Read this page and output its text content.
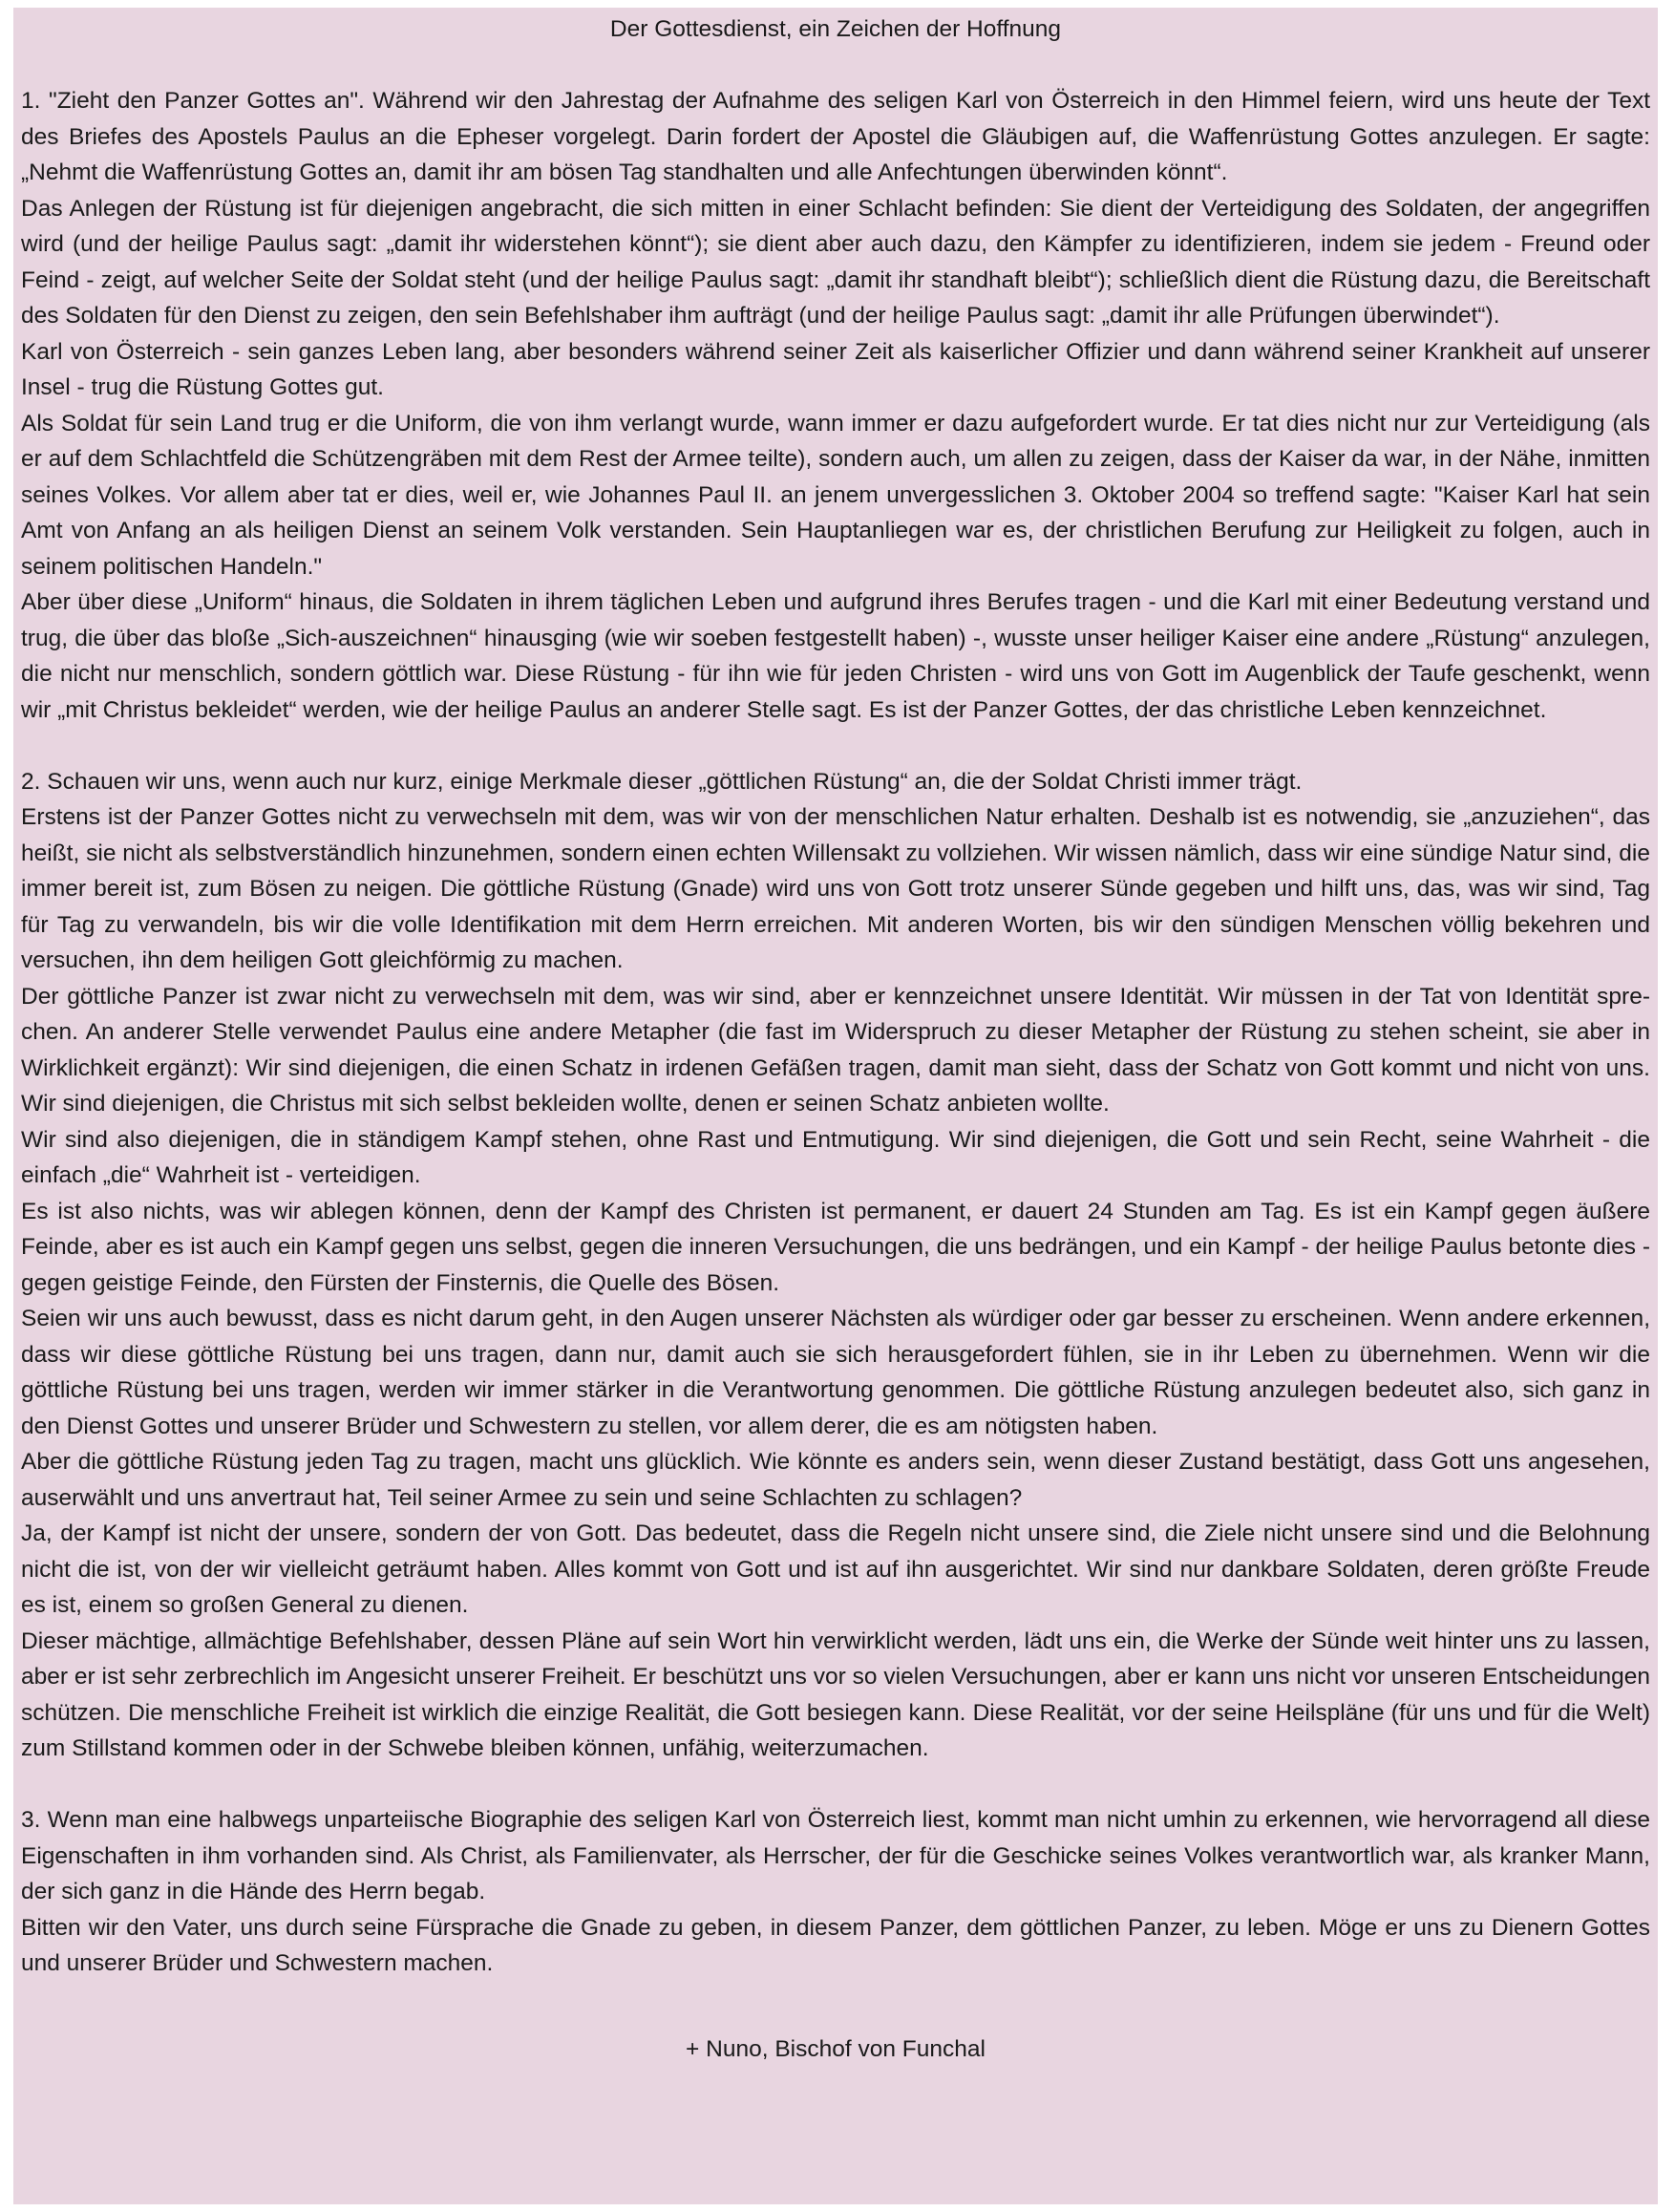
Der Gottesdienst, ein Zeichen der Hoffnung

1. "Zieht den Panzer Gottes an". Während wir den Jahrestag der Aufnahme des seligen Karl von Österreich in den Himmel feiern, wird uns heute der Text des Briefes des Apostels Paulus an die Epheser vorgelegt. Darin fordert der Apostel die Gläubigen auf, die Waffenrüstung Gottes anzulegen. Er sagte: „Nehmt die Waffenrüstung Gottes an, damit ihr am bösen Tag standhalten und alle Anfechtungen überwinden könnt“.

Das Anlegen der Rüstung ist für diejenigen angebracht, die sich mitten in einer Schlacht befinden: Sie dient der Verteidigung des Soldaten, der angegriffen wird (und der heilige Paulus sagt: „damit ihr widerstehen könnt“); sie dient aber auch dazu, den Kämpfer zu identifizieren, indem sie jedem - Freund oder Feind - zeigt, auf welcher Seite der Soldat steht (und der heilige Paulus sagt: „damit ihr standhaft bleibt“); schließlich dient die Rüstung dazu, die Bereitschaft des Soldaten für den Dienst zu zeigen, den sein Befehlshaber ihm aufträgt (und der heilige Paulus sagt: „damit ihr alle Prüfungen überwindet“).

Karl von Österreich - sein ganzes Leben lang, aber besonders während seiner Zeit als kaiserlicher Offizier und dann während seiner Krankheit auf unserer Insel - trug die Rüstung Gottes gut.

Als Soldat für sein Land trug er die Uniform, die von ihm verlangt wurde, wann immer er dazu aufgefordert wurde. Er tat dies nicht nur zur Verteidigung (als er auf dem Schlachtfeld die Schützengräben mit dem Rest der Armee teilte), sondern auch, um allen zu zeigen, dass der Kaiser da war, in der Nähe, inmitten seines Volkes. Vor allem aber tat er dies, weil er, wie Johannes Paul II. an jenem unvergesslichen 3. Oktober 2004 so treffend sagte: "Kaiser Karl hat sein Amt von Anfang an als heiligen Dienst an seinem Volk verstanden. Sein Hauptanliegen war es, der christlichen Berufung zur Heiligkeit zu folgen, auch in seinem politischen Handeln."

Aber über diese „Uniform“ hinaus, die Soldaten in ihrem täglichen Leben und aufgrund ihres Berufes tragen - und die Karl mit einer Bedeutung verstand und trug, die über das bloße „Sich-auszeichnen“ hinausging (wie wir soeben festgestellt haben) -, wusste unser heiliger Kaiser eine andere „Rüstung“ anzulegen, die nicht nur menschlich, sondern göttlich war. Diese Rüstung - für ihn wie für jeden Christen - wird uns von Gott im Augenblick der Taufe geschenkt, wenn wir „mit Christus bekleidet“ werden, wie der heilige Paulus an anderer Stelle sagt. Es ist der Panzer Gottes, der das christliche Leben kennzeichnet.

2. Schauen wir uns, wenn auch nur kurz, einige Merkmale dieser „göttlichen Rüstung“ an, die der Soldat Christi immer trägt.

Erstens ist der Panzer Gottes nicht zu verwechseln mit dem, was wir von der menschlichen Natur erhalten. Deshalb ist es notwendig, sie „anzuziehen“, das heißt, sie nicht als selbstverständlich hinzunehmen, sondern einen echten Willensakt zu vollziehen. Wir wissen nämlich, dass wir eine sündige Natur sind, die immer bereit ist, zum Bösen zu neigen. Die göttliche Rüstung (Gnade) wird uns von Gott trotz unserer Sünde gegeben und hilft uns, das, was wir sind, Tag für Tag zu verwandeln, bis wir die volle Identifikation mit dem Herrn erreichen. Mit anderen Worten, bis wir den sündigen Menschen völlig bekehren und versuchen, ihn dem heiligen Gott gleichförmig zu machen.

Der göttliche Panzer ist zwar nicht zu verwechseln mit dem, was wir sind, aber er kennzeichnet unsere Identität. Wir müssen in der Tat von Identität sprechen. An anderer Stelle verwendet Paulus eine andere Metapher (die fast im Widerspruch zu dieser Metapher der Rüstung zu stehen scheint, sie aber in Wirklichkeit ergänzt): Wir sind diejenigen, die einen Schatz in irdenen Gefäßen tragen, damit man sieht, dass der Schatz von Gott kommt und nicht von uns. Wir sind diejenigen, die Christus mit sich selbst bekleiden wollte, denen er seinen Schatz anbieten wollte.

Wir sind also diejenigen, die in ständigem Kampf stehen, ohne Rast und Entmutigung. Wir sind diejenigen, die Gott und sein Recht, seine Wahrheit - die einfach „die“ Wahrheit ist - verteidigen.

Es ist also nichts, was wir ablegen können, denn der Kampf des Christen ist permanent, er dauert 24 Stunden am Tag. Es ist ein Kampf gegen äußere Feinde, aber es ist auch ein Kampf gegen uns selbst, gegen die inneren Versuchungen, die uns bedrängen, und ein Kampf - der heilige Paulus betonte dies - gegen geistige Feinde, den Fürsten der Finsternis, die Quelle des Bösen.

Seien wir uns auch bewusst, dass es nicht darum geht, in den Augen unserer Nächsten als würdiger oder gar besser zu erscheinen. Wenn andere erkennen, dass wir diese göttliche Rüstung bei uns tragen, dann nur, damit auch sie sich herausgefordert fühlen, sie in ihr Leben zu übernehmen. Wenn wir die göttliche Rüstung bei uns tragen, werden wir immer stärker in die Verantwortung genommen. Die göttliche Rüstung anzulegen bedeutet also, sich ganz in den Dienst Gottes und unserer Brüder und Schwestern zu stellen, vor allem derer, die es am nötigsten haben.

Aber die göttliche Rüstung jeden Tag zu tragen, macht uns glücklich. Wie könnte es anders sein, wenn dieser Zustand bestätigt, dass Gott uns angesehen, auserwählt und uns anvertraut hat, Teil seiner Armee zu sein und seine Schlachten zu schlagen?

Ja, der Kampf ist nicht der unsere, sondern der von Gott. Das bedeutet, dass die Regeln nicht unsere sind, die Ziele nicht unsere sind und die Belohnung nicht die ist, von der wir vielleicht geträumt haben. Alles kommt von Gott und ist auf ihn ausgerichtet. Wir sind nur dankbare Soldaten, deren größte Freude es ist, einem so großen General zu dienen.

Dieser mächtige, allmächtige Befehlshaber, dessen Pläne auf sein Wort hin verwirklicht werden, lädt uns ein, die Werke der Sünde weit hinter uns zu lassen, aber er ist sehr zerbrechlich im Angesicht unserer Freiheit. Er beschützt uns vor so vielen Versuchungen, aber er kann uns nicht vor unseren Entscheidungen schützen. Die menschliche Freiheit ist wirklich die einzige Realität, die Gott besiegen kann. Diese Realität, vor der seine Heilspläne (für uns und für die Welt) zum Stillstand kommen oder in der Schwebe bleiben können, unfähig, weiterzumachen.

3. Wenn man eine halbwegs unparteiische Biographie des seligen Karl von Österreich liest, kommt man nicht umhin zu erkennen, wie hervorragend all diese Eigenschaften in ihm vorhanden sind. Als Christ, als Familienvater, als Herrscher, der für die Geschicke seines Volkes verantwortlich war, als kranker Mann, der sich ganz in die Hände des Herrn begab.

Bitten wir den Vater, uns durch seine Fürsprache die Gnade zu geben, in diesem Panzer, dem göttlichen Panzer, zu leben. Möge er uns zu Dienern Gottes und unserer Brüder und Schwestern machen.

+ Nuno, Bischof von Funchal
